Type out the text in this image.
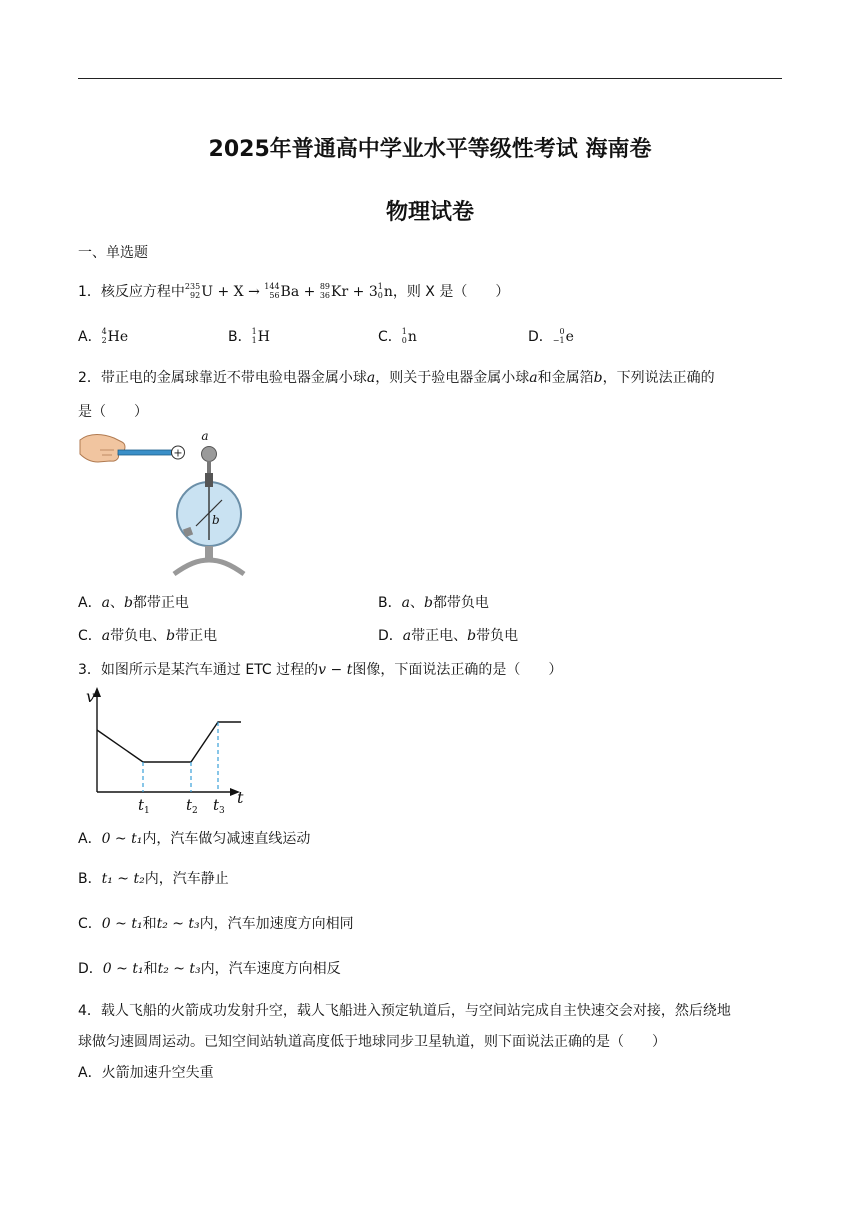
2025年普通高中学业水平等级性考试 海南卷
物理试卷
一、单选题
1．核反应方程中 235
92 U + X → 144
56 Ba + 89
36 Kr + 3 1
0 n，则 X 是（　　）
A． 4
2 He	B． 1
1 H	C． 1
0 n	D． 0
−1 e
2．带正电的金属球靠近不带电验电器金属小球a，则关于验电器金属小球a和金属箔b，下列说法正确的
是（　　）
+
a
b
A．a、b都带正电	B．a、b都带负电
C．a带负电、b带正电	D．a带正电、b带负电
3．如图所示是某汽车通过 ETC 过程的v − t图像，下面说法正确的是（　　）
v
t
$t_1$ $t_2$ $t_3$
A．0 ~ t₁内，汽车做匀减速直线运动
B．t₁ ~ t₂内，汽车静止
C．0 ~ t₁和t₂ ~ t₃内，汽车加速度方向相同
D．0 ~ t₁和t₂ ~ t₃内，汽车速度方向相反
4．载人飞船的火箭成功发射升空，载人飞船进入预定轨道后，与空间站完成自主快速交会对接，然后绕地
球做匀速圆周运动。已知空间站轨道高度低于地球同步卫星轨道，则下面说法正确的是（　　）
A．火箭加速升空失重
